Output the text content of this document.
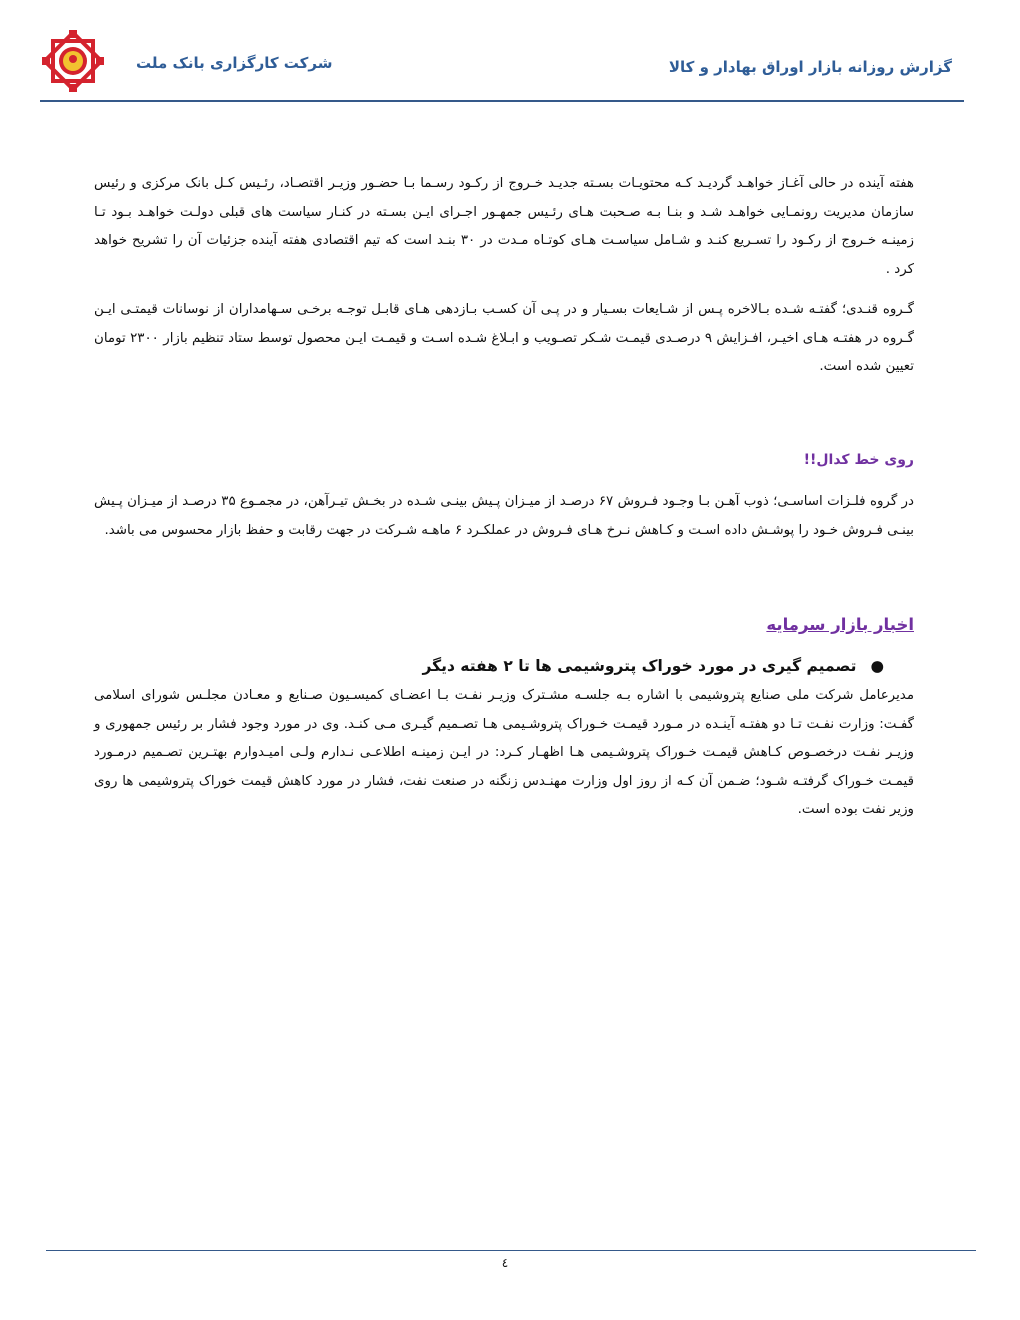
شرکت کارگزاری بانک ملت	گزارش روزانه بازار اوراق بهادار و کالا

هفته آینده در حالی آغـاز خواهـد گردیـد کـه محتویـات بسـته جدیـد خـروج از رکـود رسـما بـا حضـور وزیـر اقتصـاد، رئـیس کـل بانک مرکزی و رئیس سازمان مدیریت رونمـایی خواهـد شـد و بنـا بـه صـحبت هـای رئـیس جمهـور اجـرای ایـن بسـته در کنـار سیاست های قبلی دولـت خواهـد بـود تـا زمینـه خـروج از رکـود را تسـریع کنـد و شـامل سیاسـت هـای کوتـاه مـدت در ۳۰ بنـد است که تیم اقتصادی هفته آینده جزئیات آن را تشریح خواهد کرد .

گـروه قنـدی؛ گفتـه شـده بـالاخره پـس از شـایعات بسـیار و در پـی آن کسـب بـازدهی هـای قابـل توجـه برخـی سـهامداران از نوسانات قیمتـی ایـن گـروه در هفتـه هـای اخیـر، افـزایش ۹ درصـدی قیمـت شـکر تصـویب و ابـلاغ شـده اسـت و قیمـت ایـن محصول توسط ستاد تنظیم بازار ۲۳۰۰ تومان تعیین شده است.

روی خط کدال!!

در گروه فلـزات اساسـی؛ ذوب آهـن بـا وجـود فـروش ۶۷ درصـد از میـزان پـیش بینـی شـده در بخـش تیـرآهن، در مجمـوع ۳۵ درصـد از میـزان پـیش بینـی فـروش خـود را پوشـش داده اسـت و کـاهش نـرخ هـای فـروش در عملکـرد ۶ ماهـه شـرکت در جهت رقابت و حفظ بازار محسوس می باشد.

اخبار بازار سرمایه

●تصمیم گیری در مورد خوراک پتروشیمی ها تا ۲ هفته دیگر

مدیرعامل شرکت ملی صنایع پتروشیمی با اشاره بـه جلسـه مشـترک وزیـر نفـت بـا اعضـای کمیسـیون صـنایع و معـادن مجلـس شورای اسلامی گفـت: وزارت نفـت تـا دو هفتـه آینـده در مـورد قیمـت خـوراک پتروشـیمی هـا تصـمیم گیـری مـی کنـد. وی در مورد وجود فشار بر رئیس جمهوری و وزیـر نفـت درخصـوص کـاهش قیمـت خـوراک پتروشـیمی هـا اظهـار کـرد: در ایـن زمینـه اطلاعـی نـدارم ولـی امیـدوارم بهتـرین تصـمیم درمـورد قیمـت خـوراک گرفتـه شـود؛ ضـمن آن کـه از روز اول وزارت مهنـدس زنگنه در صنعت نفت، فشار در مورد کاهش قیمت خوراک پتروشیمی ها روی وزیر نفت بوده است.

٤
